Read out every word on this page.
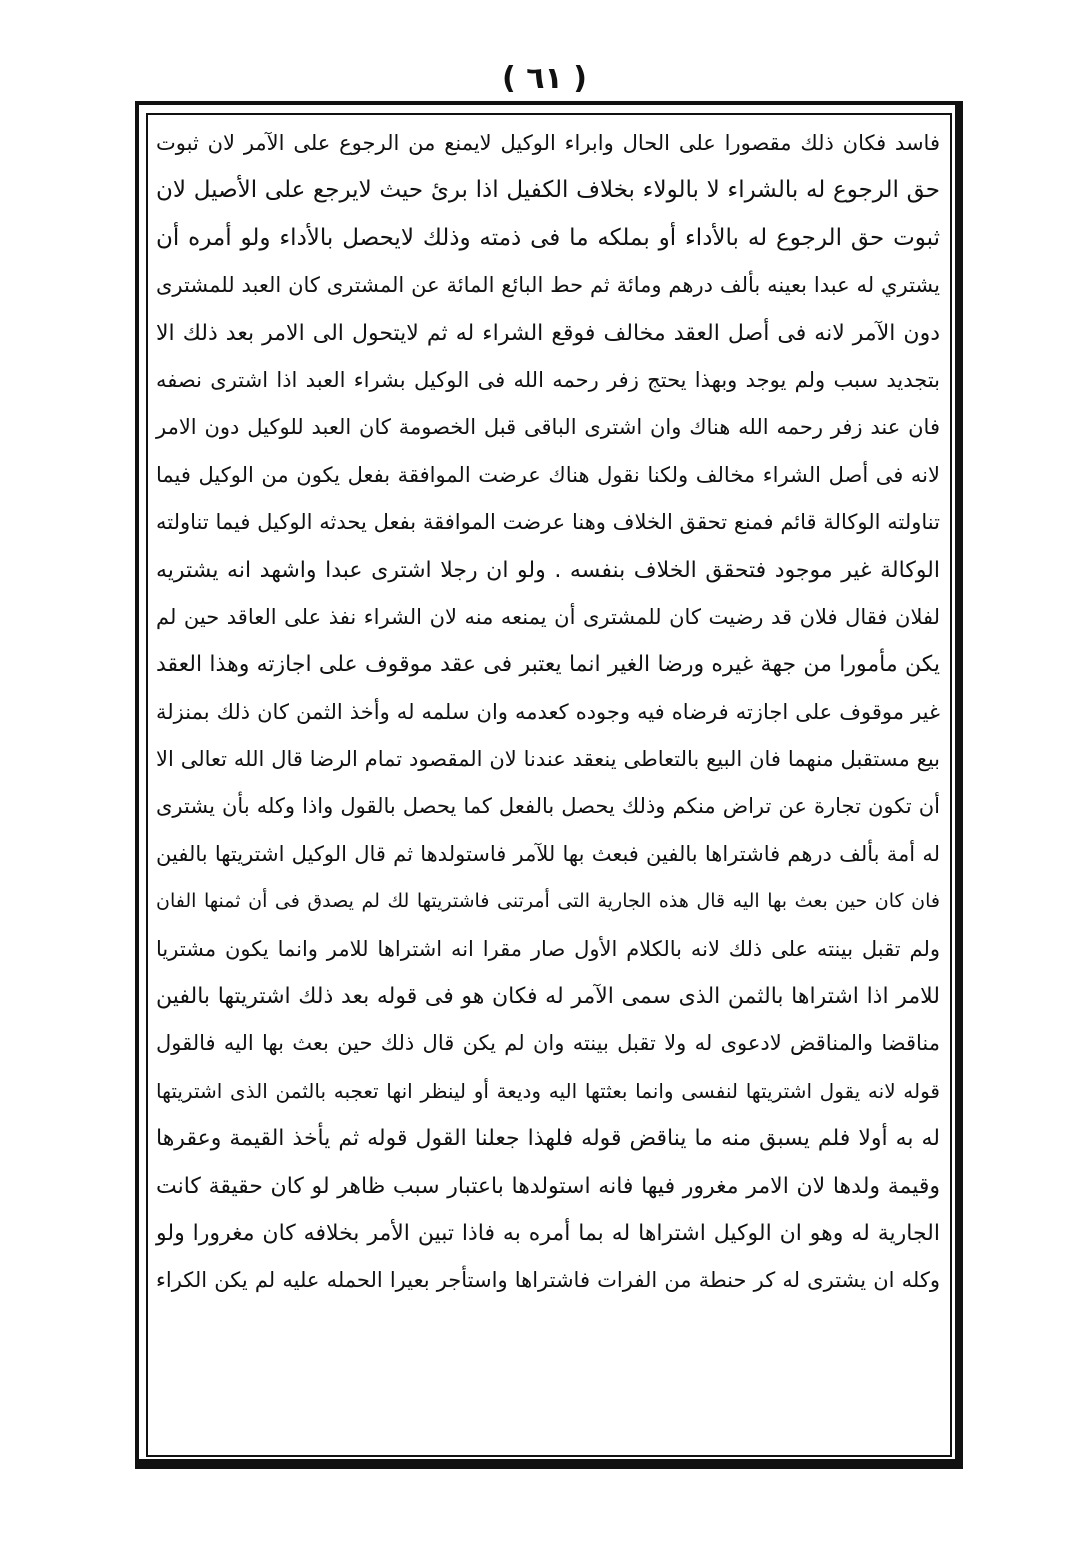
( ٦١ )
فاسد فكان ذلك مقصورا على الحال وابراء الوكيل لايمنع من الرجوع على الآمر لان ثبوت
حق الرجوع له بالشراء لا بالولاء بخلاف الكفيل اذا برئ حيث لايرجع على الأصيل لان
ثبوت حق الرجوع له بالأداء أو بملكه ما فى ذمته وذلك لايحصل بالأداء ولو أمره أن
يشتري له عبدا بعينه بألف درهم ومائة ثم حط البائع المائة عن المشترى كان العبد للمشترى
دون الآمر لانه فى أصل العقد مخالف فوقع الشراء له ثم لايتحول الى الامر بعد ذلك الا
بتجديد سبب ولم يوجد وبهذا يحتج زفر رحمه الله فى الوكيل بشراء العبد اذا اشترى نصفه
فان عند زفر رحمه الله هناك وان اشترى الباقى قبل الخصومة كان العبد للوكيل دون الامر
لانه فى أصل الشراء مخالف ولكنا نقول هناك عرضت الموافقة بفعل يكون من الوكيل فيما
تناولته الوكالة قائم فمنع تحقق الخلاف وهنا عرضت الموافقة بفعل يحدثه الوكيل فيما تناولته
الوكالة غير موجود فتحقق الخلاف بنفسه . ولو ان رجلا اشترى عبدا واشهد انه يشتريه
لفلان فقال فلان قد رضيت كان للمشترى أن يمنعه منه لان الشراء نفذ على العاقد حين لم
يكن مأمورا من جهة غيره ورضا الغير انما يعتبر فى عقد موقوف على اجازته وهذا العقد
غير موقوف على اجازته فرضاه فيه وجوده كعدمه وان سلمه له وأخذ الثمن كان ذلك بمنزلة
بيع مستقبل منهما فان البيع بالتعاطى ينعقد عندنا لان المقصود تمام الرضا قال الله تعالى الا
أن تكون تجارة عن تراض منكم وذلك يحصل بالفعل كما يحصل بالقول واذا وكله بأن يشترى
له أمة بألف درهم فاشتراها بالفين فبعث بها للآمر فاستولدها ثم قال الوكيل اشتريتها بالفين
فان كان حين بعث بها اليه قال هذه الجارية التى أمرتنى فاشتريتها لك لم يصدق فى أن ثمنها الفان
ولم تقبل بينته على ذلك لانه بالكلام الأول صار مقرا انه اشتراها للامر وانما يكون مشتريا
للامر اذا اشتراها بالثمن الذى سمى الآمر له فكان هو فى قوله بعد ذلك اشتريتها بالفين
مناقضا والمناقض لادعوى له ولا تقبل بينته وان لم يكن قال ذلك حين بعث بها اليه فالقول
قوله لانه يقول اشتريتها لنفسى وانما بعثتها اليه وديعة أو لينظر انها تعجبه بالثمن الذى اشتريتها
له به أولا فلم يسبق منه ما يناقض قوله فلهذا جعلنا القول قوله ثم يأخذ القيمة وعقرها
وقيمة ولدها لان الامر مغرور فيها فانه استولدها باعتبار سبب ظاهر لو كان حقيقة كانت
الجارية له وهو ان الوكيل اشتراها له بما أمره به فاذا تبين الأمر بخلافه كان مغرورا ولو
وكله ان يشترى له كر حنطة من الفرات فاشتراها واستأجر بعيرا الحمله عليه لم يكن الكراء
